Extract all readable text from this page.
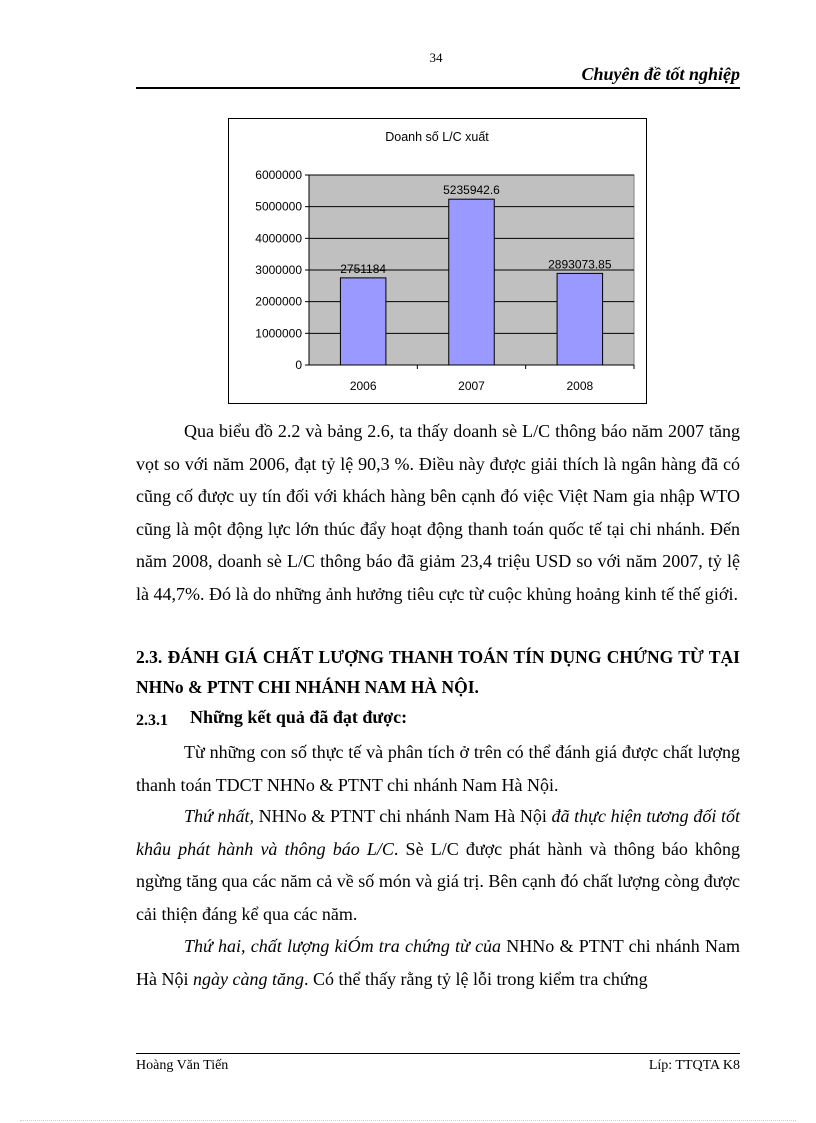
34
Chuyên đề tốt nghiệp
Doanh số L/C xuất
0
1000000
2000000
3000000
4000000
5000000
6000000
2006	2007	2008
2751184
5235942.6
2893073.85
Qua biểu đồ 2.2 và bảng 2.6, ta thấy doanh sè L/C thông báo năm 2007 tăng vọt so với năm 2006, đạt tỷ lệ 90,3 %. Điều này được giải thích là ngân hàng đã có cũng cố được uy tín đối với khách hàng bên cạnh đó việc Việt Nam gia nhập WTO cũng là một động lực lớn thúc đẩy hoạt động thanh toán quốc tế tại chi nhánh. Đến năm 2008, doanh sè L/C thông báo đã giảm 23,4 triệu USD so với năm 2007, tỷ lệ là 44,7%. Đó là do những ảnh hưởng tiêu cực từ cuộc khủng hoảng kinh tế thế giới.
2.3. ĐÁNH GIÁ CHẤT LƯỢNG THANH TOÁN TÍN DỤNG CHỨNG TỪ TẠI NHNo & PTNT CHI NHÁNH NAM HÀ NỘI.
2.3.1 Những kết quả đã đạt được:
Từ những con số thực tế và phân tích ở trên có thể đánh giá được chất lượng thanh toán TDCT NHNo & PTNT chi nhánh Nam Hà Nội.
Thứ nhất, NHNo & PTNT chi nhánh Nam Hà Nội đã thực hiện tương đối tốt khâu phát hành và thông báo L/C. Sè L/C được phát hành và thông báo không ngừng tăng qua các năm cả về số món và giá trị. Bên cạnh đó chất lượng còng được cải thiện đáng kể qua các năm.
Thứ hai, chất lượng kiÓm tra chứng từ của NHNo & PTNT chi nhánh Nam Hà Nội ngày càng tăng. Có thể thấy rằng tỷ lệ lỗi trong kiểm tra chứng
Hoàng Văn Tiến	Líp: TTQTA K8
